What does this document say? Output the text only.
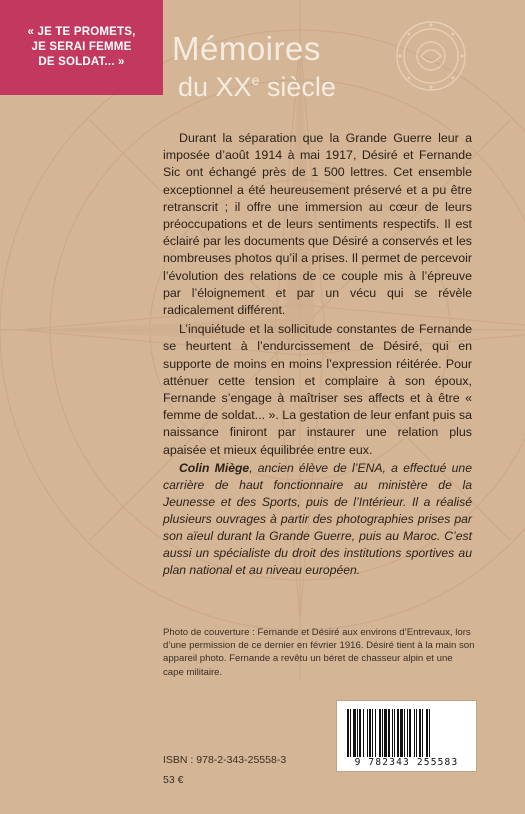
« JE TE PROMETS,
JE SERAI FEMME
DE SOLDAT... » Mémoires
du XXe siècle

Durant la séparation que la Grande Guerre leur a imposée d’août 1914 à mai 1917, Désiré et Fernande Sic ont échangé près de 1 500 lettres. Cet ensemble exceptionnel a été heureusement préservé et a pu être retranscrit ; il offre une immersion au cœur de leurs préoccupations et de leurs sentiments respectifs. Il est éclairé par les documents que Désiré a conservés et les nombreuses photos qu’il a prises. Il permet de percevoir l’évolution des relations de ce couple mis à l’épreuve par l’éloignement et par un vécu qui se révèle radicalement différent.

L’inquiétude et la sollicitude constantes de Fernande se heurtent à l’endurcissement de Désiré, qui en supporte de moins en moins l’expression réitérée. Pour atténuer cette tension et complaire à son époux, Fernande s’engage à maîtriser ses affects et à être « femme de soldat... ». La gestation de leur enfant puis sa naissance finiront par instaurer une relation plus apaisée et mieux équilibrée entre eux.

Colin Miège, ancien élève de l’ENA, a effectué une carrière de haut fonctionnaire au ministère de la Jeunesse et des Sports, puis de l’Intérieur. Il a réalisé plusieurs ouvrages à partir des photographies prises par son aïeul durant la Grande Guerre, puis au Maroc. C’est aussi un spécialiste du droit des institutions sportives au plan national et au niveau européen.
Photo de couverture : Fernande et Désiré aux environs d’Entrevaux, lors d’une permission de ce dernier en février 1916. Désiré tient à la main son appareil photo. Fernande a revêtu un béret de chasseur alpin et une cape militaire.
ISBN : 978-2-343-25558-3
53 €
9 782343 255583
